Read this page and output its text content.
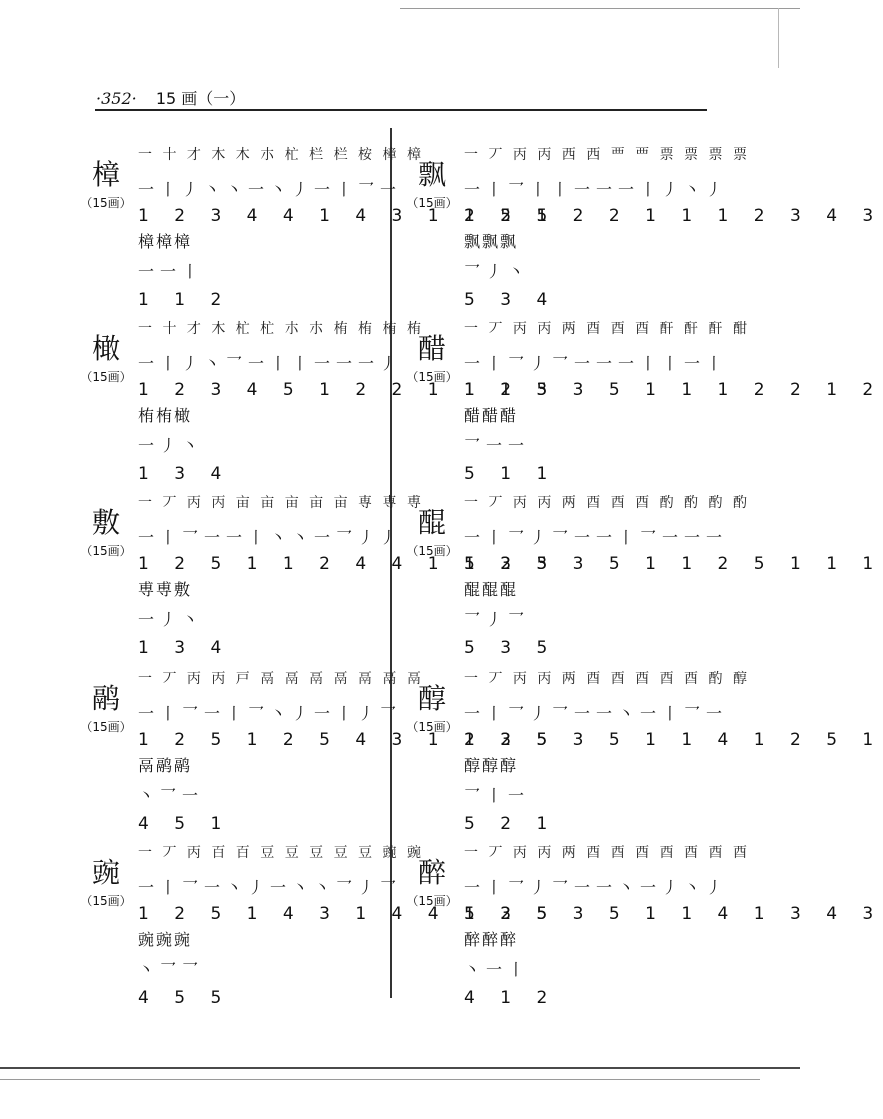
·352· 15 画（一）
樟
（15画）
一 十 才 木 木 朩 杧 栏 栏 桉 樟 樟
一丨丿丶丶一丶丿一丨乛一
1 2 3 4 4 1 4 3 1 2 5 1
樟樟樟
一一丨
1 1 2
橄
（15画）
一 十 才 木 杧 杧 朩 朩 栯 栯 栯 栯
一丨丿丶乛一丨丨一一一丿
1 2 3 4 5 1 2 2 1 1 1 3
栯栯橄
一丿丶
1 3 4
敷
（15画）
一 丆 丙 丙 亩 亩 亩 亩 亩 専 専 尃
一丨乛一一丨丶丶一乛丿丿
1 2 5 1 1 2 4 4 1 5 3 3
尃尃敷
一丿丶
1 3 4
鹝
（15画）
一 丆 丙 丙 戸 鬲 鬲 鬲 鬲 鬲 鬲 鬲
一丨乛一丨乛丶丿一丨丿乛
1 2 5 1 2 5 4 3 1 2 3 5
鬲鹝鹝
丶乛一
4 5 1
豌
（15画）
一 丆 丙 百 百 豆 豆 豆 豆 豆 豌 豌
一丨乛一丶丿一丶丶乛丿乛
1 2 5 1 4 3 1 4 4 5 3 5
豌豌豌
丶乛乛
4 5 5
飘
（15画）
一 丆 丙 丙 西 西 覀 覀 票 票 票 票
一丨乛丨丨一一一丨丿丶丿
1 2 5 2 2 1 1 1 2 3 4 3
飘飘飘
乛丿丶
5 3 4
醋
（15画）
一 丆 丙 丙 两 酉 酉 酉 酐 酐 酐 酣
一丨乛丿乛一一一丨丨一丨
1 2 5 3 5 1 1 1 2 2 1 2
醋醋醋
乛一一
5 1 1
醌
（15画）
一 丆 丙 丙 两 酉 酉 酉 酌 酌 酌 酌
一丨乛丿乛一一丨乛一一一
1 2 5 3 5 1 1 2 5 1 1 1
醌醌醌
乛丿乛
5 3 5
醇
（15画）
一 丆 丙 丙 两 酉 酉 酉 酉 酉 酌 醇
一丨乛丿乛一一丶一丨乛一
1 2 5 3 5 1 1 4 1 2 5 1
醇醇醇
乛丨一
5 2 1
醉
（15画）
一 丆 丙 丙 两 酉 酉 酉 酉 酉 酉 酉
一丨乛丿乛一一丶一丿丶丿
1 2 5 3 5 1 1 4 1 3 4 3
醉醉醉
丶一丨
4 1 2
